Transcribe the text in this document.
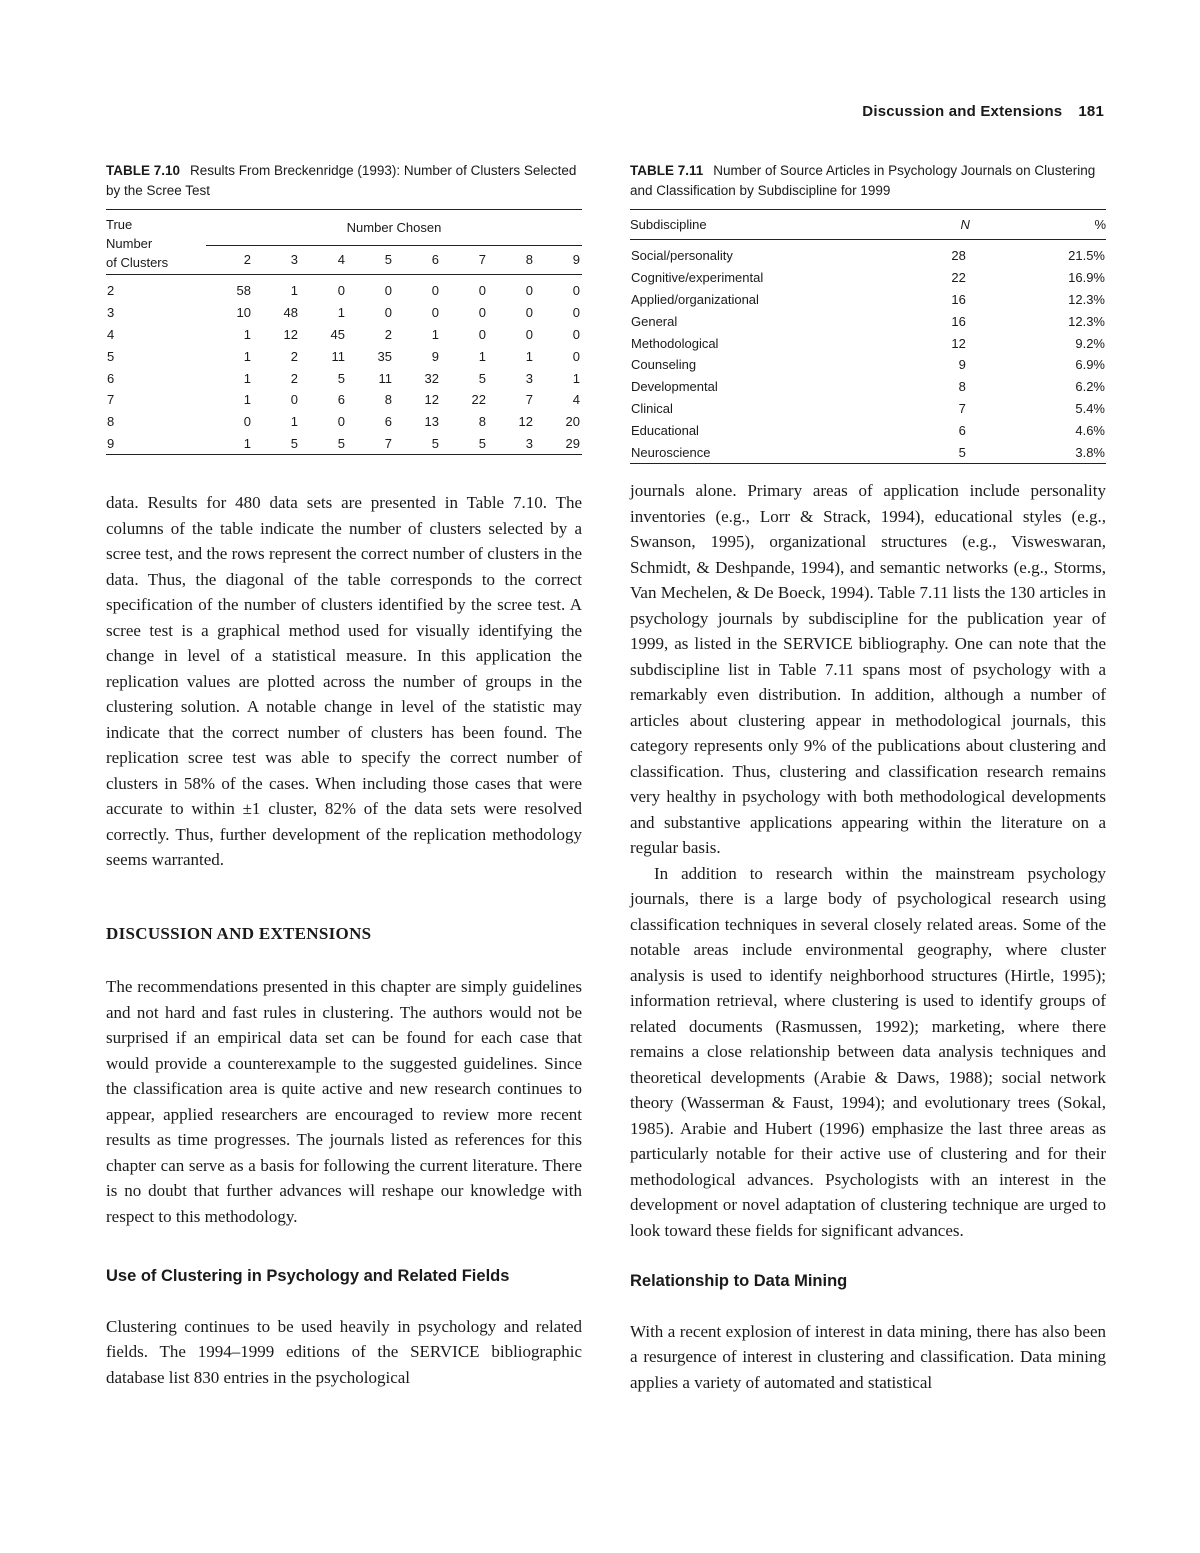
Discussion and Extensions 181
TABLE 7.10 Results From Breckenridge (1993): Number of Clusters Selected by the Scree Test
True
Number
of Clusters	Number Chosen							
	2	3	4	5	6	7	8	9
2	58	1	0	0	0	0	0	0
3	10	48	1	0	0	0	0	0
4	1	12	45	2	1	0	0	0
5	1	2	11	35	9	1	1	0
6	1	2	5	11	32	5	3	1
7	1	0	6	8	12	22	7	4
8	0	1	0	6	13	8	12	20
9	1	5	5	7	5	5	3	29
TABLE 7.11 Number of Source Articles in Psychology Journals on Clustering and Classification by Subdiscipline for 1999
Subdiscipline	N	%
Social/personality	28	21.5%
Cognitive/experimental	22	16.9%
Applied/organizational	16	12.3%
General	16	12.3%
Methodological	12	9.2%
Counseling	9	6.9%
Developmental	8	6.2%
Clinical	7	5.4%
Educational	6	4.6%
Neuroscience	5	3.8%

data. Results for 480 data sets are presented in Table 7.10. The columns of the table indicate the number of clusters selected by a scree test, and the rows represent the correct number of clusters in the data. Thus, the diagonal of the table corresponds to the correct specification of the number of clusters identified by the scree test. A scree test is a graphical method used for visually identifying the change in level of a statistical measure. In this application the replication values are plotted across the number of groups in the clustering solution. A notable change in level of the statistic may indicate that the correct number of clusters has been found. The replication scree test was able to specify the correct number of clusters in 58% of the cases. When including those cases that were accurate to within ±1 cluster, 82% of the data sets were resolved correctly. Thus, further development of the replication methodology seems warranted.

DISCUSSION AND EXTENSIONS

The recommendations presented in this chapter are simply guidelines and not hard and fast rules in clustering. The authors would not be surprised if an empirical data set can be found for each case that would provide a counterexample to the suggested guidelines. Since the classification area is quite active and new research continues to appear, applied researchers are encouraged to review more recent results as time progresses. The journals listed as references for this chapter can serve as a basis for following the current literature. There is no doubt that further advances will reshape our knowledge with respect to this methodology.

Use of Clustering in Psychology and Related Fields

Clustering continues to be used heavily in psychology and related fields. The 1994–1999 editions of the SERVICE bibliographic database list 830 entries in the psychological

journals alone. Primary areas of application include personality inventories (e.g., Lorr & Strack, 1994), educational styles (e.g., Swanson, 1995), organizational structures (e.g., Visweswaran, Schmidt, & Deshpande, 1994), and semantic networks (e.g., Storms, Van Mechelen, & De Boeck, 1994). Table 7.11 lists the 130 articles in psychology journals by subdiscipline for the publication year of 1999, as listed in the SERVICE bibliography. One can note that the subdiscipline list in Table 7.11 spans most of psychology with a remarkably even distribution. In addition, although a number of articles about clustering appear in methodological journals, this category represents only 9% of the publications about clustering and classification. Thus, clustering and classification research remains very healthy in psychology with both methodological developments and substantive applications appearing within the literature on a regular basis.

In addition to research within the mainstream psychology journals, there is a large body of psychological research using classification techniques in several closely related areas. Some of the notable areas include environmental geography, where cluster analysis is used to identify neighborhood structures (Hirtle, 1995); information retrieval, where clustering is used to identify groups of related documents (Rasmussen, 1992); marketing, where there remains a close relationship between data analysis techniques and theoretical developments (Arabie & Daws, 1988); social network theory (Wasserman & Faust, 1994); and evolutionary trees (Sokal, 1985). Arabie and Hubert (1996) emphasize the last three areas as particularly notable for their active use of clustering and for their methodological advances. Psychologists with an interest in the development or novel adaptation of clustering technique are urged to look toward these fields for significant advances.

Relationship to Data Mining

With a recent explosion of interest in data mining, there has also been a resurgence of interest in clustering and classification. Data mining applies a variety of automated and statistical
